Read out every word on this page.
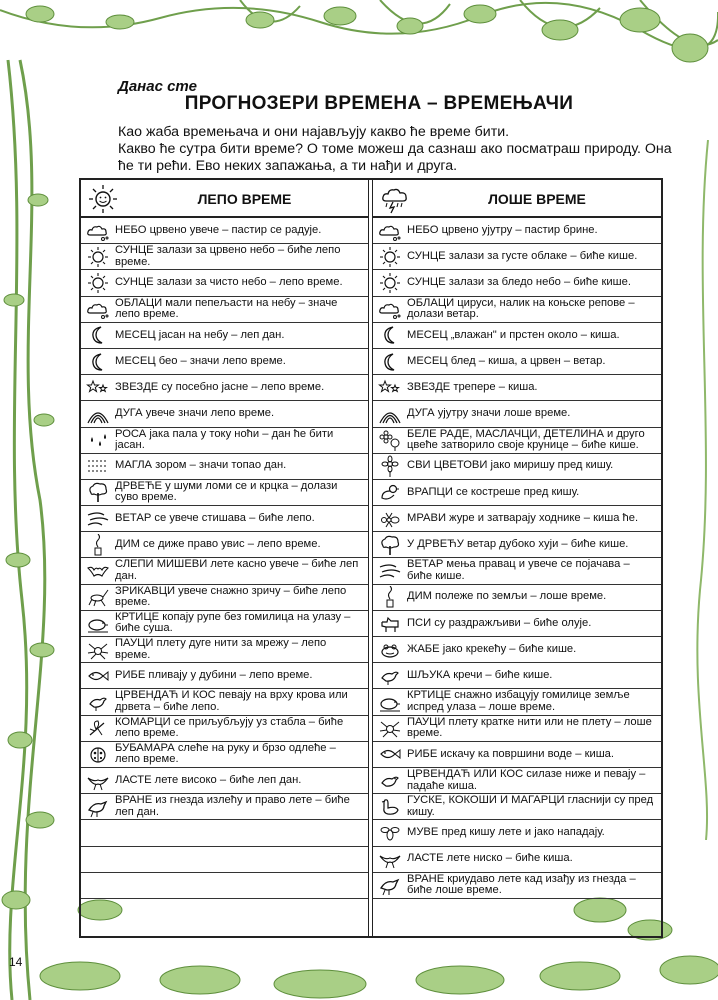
Данас сте
ПРОГНОЗЕРИ ВРЕМЕНА – ВРЕМЕЊАЧИ

Као жаба времењача и они најављују какво ће време бити.

Какво ће сутра бити време? О томе можеш да сазнаш ако посматраш природу. Она

ће ти рећи. Ево неких запажања, а ти нађи и друга.

ЛЕПО ВРЕМЕ
НЕБО црвено увече – пастир се радује.
СУНЦЕ залази за црвено небо – биће лепо време.
СУНЦЕ залази за чисто небо – лепо време.
ОБЛАЦИ мали пепељасти на небу – значе лепо време.
МЕСЕЦ јасан на небу – леп дан.
МЕСЕЦ бео – значи лепо време.
ЗВЕЗДЕ су посебно јасне – лепо време.
ДУГА увече значи лепо време.
РОСА јака пала у току ноћи – дан ће бити јасан.
МАГЛА зором – значи топао дан.
ДРВЕЋЕ у шуми ломи се и крцка – долази суво време.
ВЕТАР се увече стишава – биће лепо.
ДИМ се диже право увис – лепо време.
СЛЕПИ МИШЕВИ лете касно увече – биће леп дан.
ЗРИКАВЦИ увече снажно зричу – биће лепо време.
КРТИЦЕ копају рупе без гомилица на улазу – биће суша.
ПАУЦИ плету дуге нити за мрежу – лепо време.
РИБЕ пливају у дубини – лепо време.
ЦРВЕНДАЋ И КОС певају на врху крова или дрвета – биће лепо.
КОМАРЦИ се приљубљују уз стабла – биће лепо време.
БУБАМАРА слеће на руку и брзо одлеће – лепо време.
ЛАСТЕ лете високо – биће леп дан.
ВРАНЕ из гнезда излећу и право лете – биће леп дан.
ЛОШЕ ВРЕМЕ
НЕБО црвено ујутру – пастир брине.
СУНЦЕ залази за густе облаке – биће кише.
СУНЦЕ залази за бледо небо – биће кише.
ОБЛАЦИ цируси, налик на коњске репове – долази ветар.
МЕСЕЦ „влажан" и прстен около – киша.
МЕСЕЦ блед – киша, а црвен – ветар.
ЗВЕЗДЕ трепере – киша.
ДУГА ујутру значи лоше време.
БЕЛЕ РАДЕ, МАСЛАЧЦИ, ДЕТЕЛИНА и друго цвеће затворило своје крунице – биће кише.
СВИ ЦВЕТОВИ јако миришу пред кишу.
ВРАПЦИ се кострешe пред кишу.
МРАВИ журе и затварају ходнике – киша ће.
У ДРВЕЋУ ветар дубоко хуји – биће кише.
ВЕТАР мења правац и увече се појачава – биће кише.
ДИМ полеже по земљи – лоше време.
ПСИ су раздражљиви – биће олује.
ЖАБЕ јако крекећу – биће кише.
ШЉУКА кречи – биће кише.
КРТИЦЕ снажно избацују гомилице земље испред улаза – лоше време.
ПАУЦИ плету кратке нити или не плету – лоше време.
РИБЕ искачу ка површини воде – киша.
ЦРВЕНДАЋ ИЛИ КОС силазе ниже и певају – падаће киша.
ГУСКЕ, КОКОШИ И МАГАРЦИ гласнији су пред кишу.
МУВЕ пред кишу лете и јако нападају.
ЛАСТЕ лете ниско – биће киша.
ВРАНЕ криудаво лете кад изађу из гнезда – биће лоше време.
14
